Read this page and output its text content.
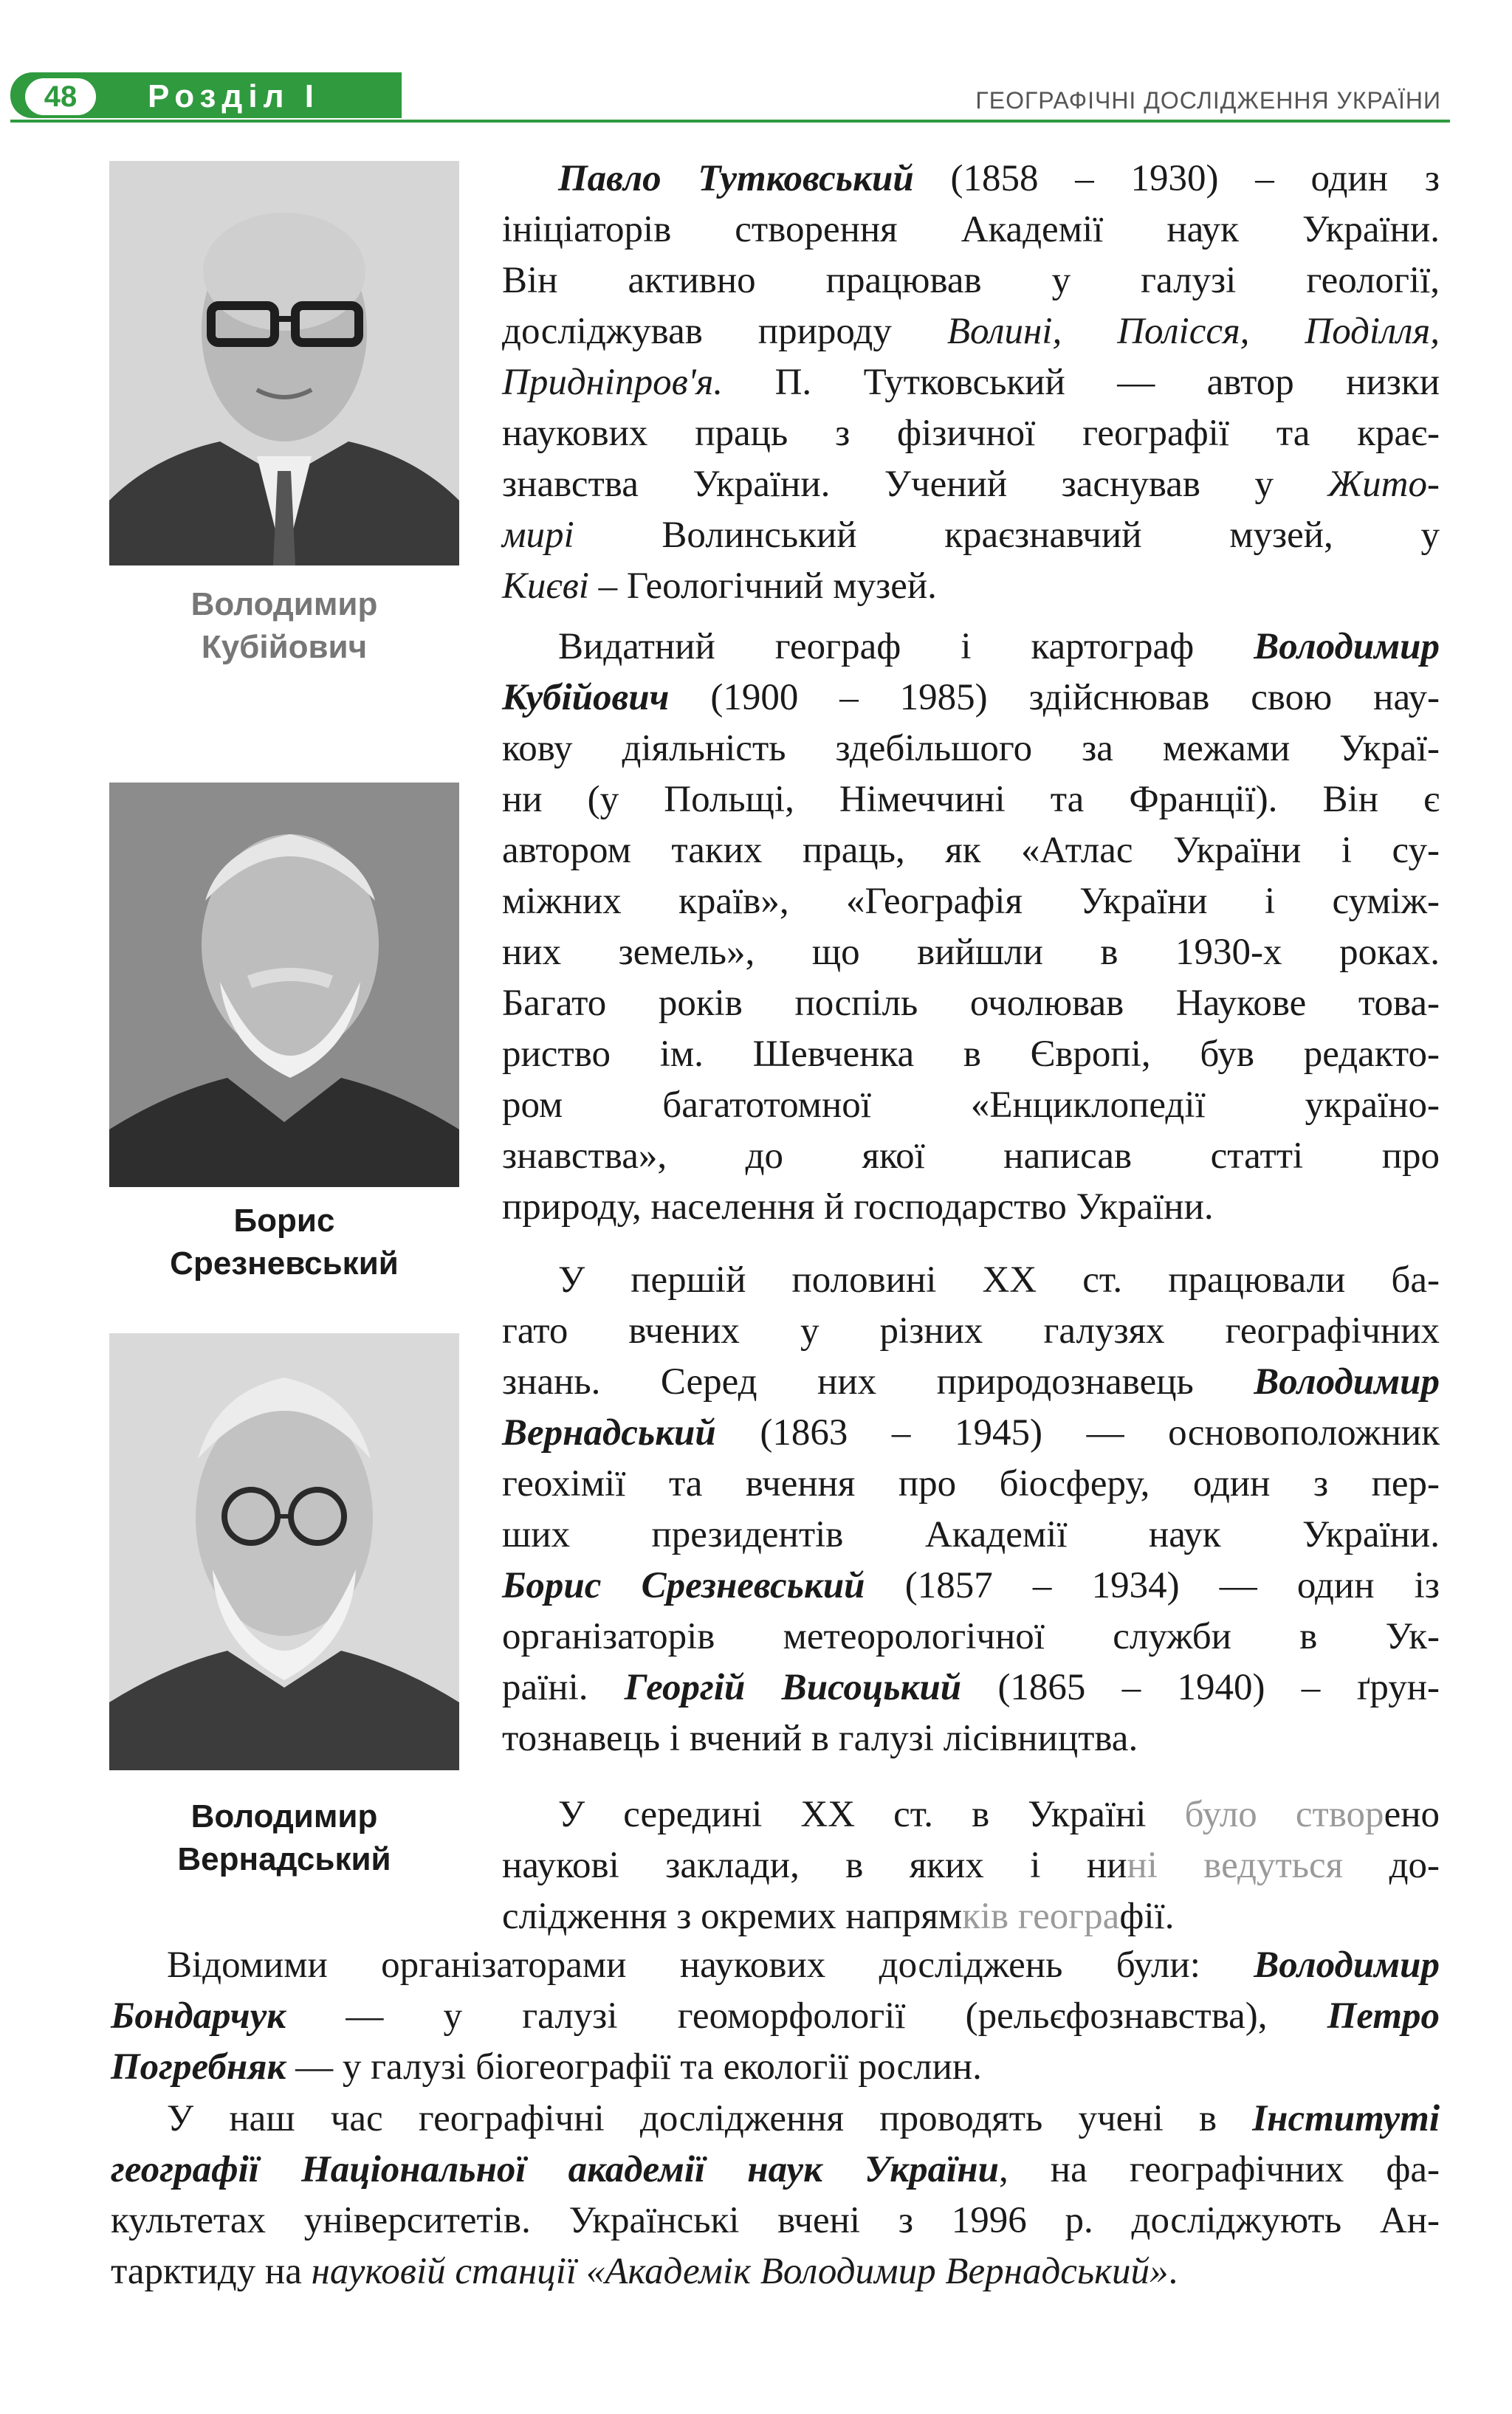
48	Розділ І	ГЕОГРАФІЧНІ ДОСЛІДЖЕННЯ УКРАЇНИ
Володимир
Кубійович
Борис
Срезневський
Володимир
Вернадський
Павло Тутковський (1858 – 1930) – один з
ініціаторів створення Академії наук України.
Він активно працював у галузі геології,
досліджував природу Волині, Полісся, Поділля,
Придніпров'я. П. Тутковський — автор низки
наукових праць з фізичної географії та крає-
знавства України. Учений заснував у Жито-
мирі Волинський краєзнавчий музей, у
Києві – Геологічний музей.
Видатний географ і картограф Володимир
Кубійович (1900 – 1985) здійснював свою нау-
кову діяльність здебільшого за межами Украї-
ни (у Польщі, Німеччині та Франції). Він є
автором таких праць, як «Атлас України і су-
міжних країв», «Географія України і суміж-
них земель», що вийшли в 1930-х роках.
Багато років поспіль очолював Наукове това-
риство ім. Шевченка в Європі, був редакто-
ром багатотомної «Енциклопедії україно-
знавства», до якої написав статті про
природу, населення й господарство України.
У першій половині XX ст. працювали ба-
гато вчених у різних галузях географічних
знань. Серед них природознавець Володимир
Вернадський (1863 – 1945) — основоположник
геохімії та вчення про біосферу, один з пер-
ших президентів Академії наук України.
Борис Срезневський (1857 – 1934) — один із
організаторів метеорологічної служби в Ук-
раїні. Георгій Висоцький (1865 – 1940) – ґрун-
тознавець і вчений в галузі лісівництва.
У середині XX ст. в Україні було створено
наукові заклади, в яких і нині ведуться до-
слідження з окремих напрямків географії.
Відомими організаторами наукових досліджень були: Володимир
Бондарчук — у галузі геоморфології (рельєфознавства), Петро
Погребняк — у галузі біогеографії та екології рослин.
У наш час географічні дослідження проводять учені в Інституті
географії Національної академії наук України, на географічних фа-
культетах університетів. Українські вчені з 1996 р. досліджують Ан-
тарктиду на науковій станції «Академік Володимир Вернадський».
